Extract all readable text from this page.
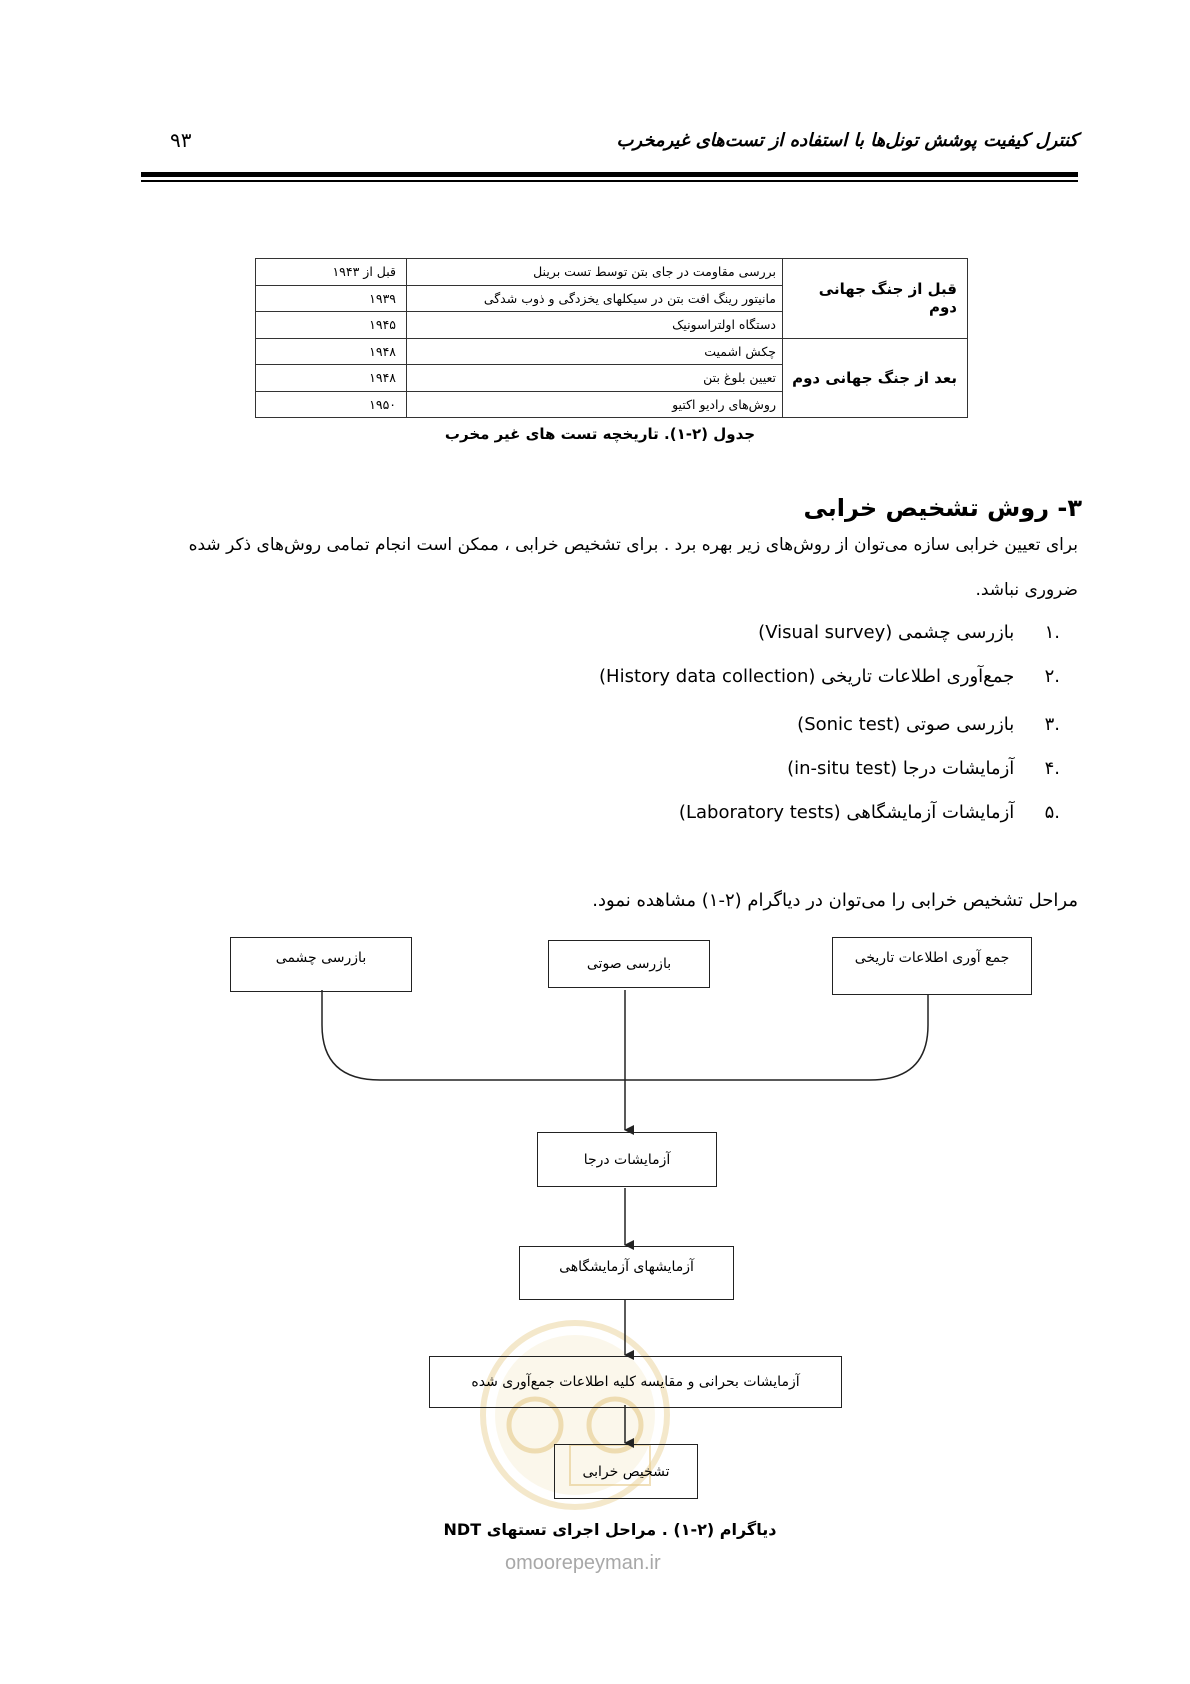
کنترل کیفیت پوشش تونل‌ها با استفاده از تست‌های غیرمخرب
۹۳
قبل از جنگ جهانی دوم	بررسی مقاومت در جای بتن توسط تست برینل	قبل از ۱۹۴۳
	مانیتور رینگ افت بتن در سیکلهای یخزدگی و ذوب شدگی	۱۹۳۹
	دستگاه اولتراسونیک	۱۹۴۵
بعد از جنگ جهانی دوم	چکش اشمیت	۱۹۴۸
	تعیین بلوغ بتن	۱۹۴۸
	روش‌های رادیو اکتیو	۱۹۵۰
جدول (۲-۱). تاریخچه تست های غیر مخرب
۳- روش تشخیص خرابی
برای تعیین خرابی سازه می‌توان از روش‌های زیر بهره برد . برای تشخیص خرابی ، ممکن است انجام تمامی روش‌های ذکر شده
ضروری نباشد.
.۱ بازرسی چشمی (Visual survey)
.۲ جمع‌آوری اطلاعات تاریخی (History data collection)
.۳ بازرسی صوتی (Sonic test)
.۴ آزمایشات درجا (in-situ test)
.۵ آزمایشات آزمایشگاهی (Laboratory tests)
مراحل تشخیص خرابی را می‌توان در دیاگرام (۲-۱) مشاهده نمود.
بازرسی چشمی	بازرسی صوتی	جمع آوری اطلاعات تاریخی
آزمایشات درجا
آزمایشهای آزمایشگاهی
آزمایشات بحرانی و مقایسه کلیه اطلاعات جمع‌آوری شده
تشخیص خرابی
دیاگرام (۲-۱) . مراحل اجرای تستهای NDT
omoorepeyman.ir
